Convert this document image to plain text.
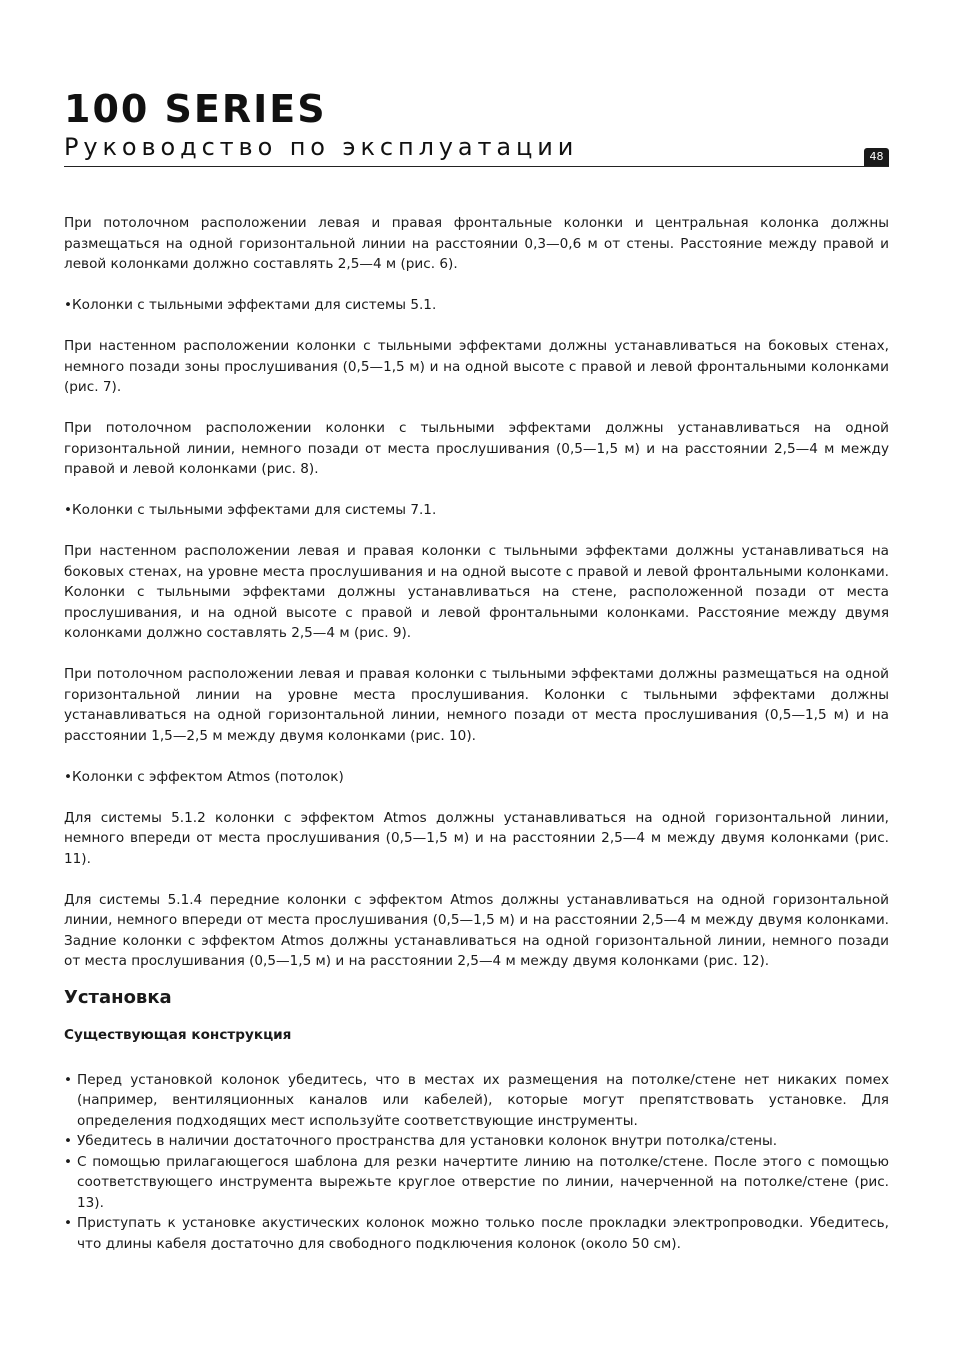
100 SERIES

Руководство по эксплуатации	48

При потолочном расположении левая и правая фронтальные колонки и центральная колонка должны размещаться на одной горизонтальной линии на расстоянии 0,3—0,6 м от стены. Расстояние между правой и левой колонками должно составлять 2,5—4 м (рис. 6).

•Колонки с тыльными эффектами для системы 5.1.

При настенном расположении колонки с тыльными эффектами должны устанавливаться на боковых стенах, немного позади зоны прослушивания (0,5—1,5 м) и на одной высоте с правой и левой фронтальными колонками (рис. 7).

При потолочном расположении колонки с тыльными эффектами должны устанавливаться на одной горизонтальной линии, немного позади от места прослушивания (0,5—1,5 м) и на расстоянии 2,5—4 м между правой и левой колонками (рис. 8).

•Колонки с тыльными эффектами для системы 7.1.

При настенном расположении левая и правая колонки с тыльными эффектами должны устанавливаться на боковых стенах, на уровне места прослушивания и на одной высоте с правой и левой фронтальными колонками. Колонки с тыльными эффектами должны устанавливаться на стене, расположенной позади от места прослушивания, и на одной высоте с правой и левой фронтальными колонками. Расстояние между двумя колонками должно составлять 2,5—4 м (рис. 9).

При потолочном расположении левая и правая колонки с тыльными эффектами должны размещаться на одной горизонтальной линии на уровне места прослушивания. Колонки с тыльными эффектами должны устанавливаться на одной горизонтальной линии, немного позади от места прослушивания (0,5—1,5 м) и на расстоянии 1,5—2,5 м между двумя колонками (рис. 10).

•Колонки с эффектом Atmos (потолок)

Для системы 5.1.2 колонки с эффектом Atmos должны устанавливаться на одной горизонтальной линии, немного впереди от места прослушивания (0,5—1,5 м) и на расстоянии 2,5—4 м между двумя колонками (рис. 11).

Для системы 5.1.4 передние колонки с эффектом Atmos должны устанавливаться на одной горизонтальной линии, немного впереди от места прослушивания (0,5—1,5 м) и на расстоянии 2,5—4 м между двумя колонками. Задние колонки с эффектом Atmos должны устанавливаться на одной горизонтальной линии, немного позади от места прослушивания (0,5—1,5 м) и на расстоянии 2,5—4 м между двумя колонками (рис. 12).

Установка
Существующая конструкция
• Перед установкой колонок убедитесь, что в местах их размещения на потолке/стене нет никаких помех (например, вентиляционных каналов или кабелей), которые могут препятствовать установке. Для определения подходящих мест используйте соответствующие инструменты.
• Убедитесь в наличии достаточного пространства для установки колонок внутри потолка/стены.
• С помощью прилагающегося шаблона для резки начертите линию на потолке/стене. После этого с помощью соответствующего инструмента вырежьте круглое отверстие по линии, начерченной на потолке/стене (рис. 13).
• Приступать к установке акустических колонок можно только после прокладки электропроводки. Убедитесь, что длины кабеля достаточно для свободного подключения колонок (около 50 см).
